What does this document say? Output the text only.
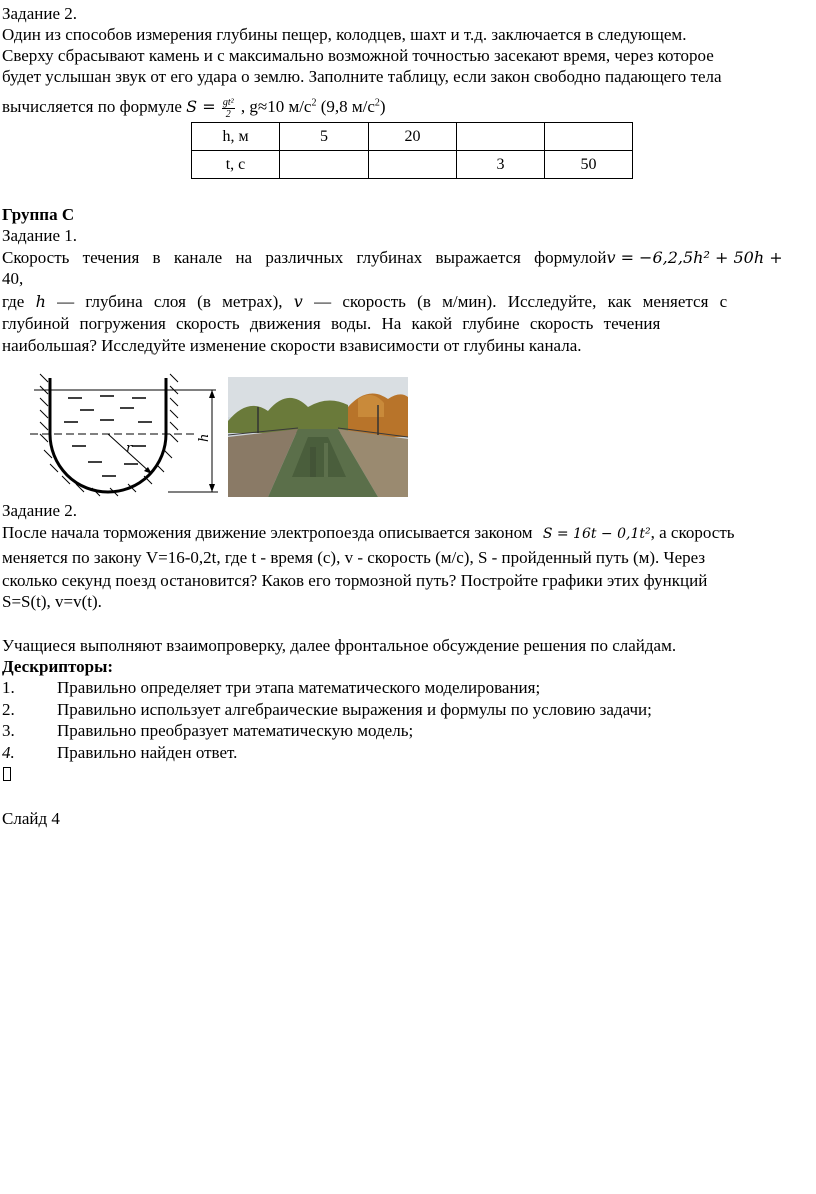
Задание 2.
Один из способов измерения глубины пещер, колодцев, шахт и т.д. заключается в следующем.
Сверху сбрасывают камень и с максимально возможной точностью засекают время, через которое
будет услышан звук от его удара о землю. Заполните таблицу, если закон свободно падающего тела
вычисляется по формуле $S = \frac{\text{gt²}}{2}$ , g≈10 $м/с^2$ (9,8 $м/с^2$)
h, м	5	20		
t, с			3	50
Группа С
Задание 1.
Скорость течения в канале на различных глубинах выражается формулойv = −6,2,5h² + 50h +
40,
где h — глубина слоя (в метрах), v — скорость (в м/мин). Исследуйте, как меняется с
глубиной погружения скорость движения воды. На какой глубине скорость течения
наибольшая? Исследуйте изменение скорости взависимости от глубины канала.
r
h
Задание 2.
После начала торможения движение электропоезда описывается законом S = 16t − 0,1t², а скорость
меняется по закону V=16-0,2t, где t - время (с), v - скорость (м/с), S - пройденный путь (м). Через
сколько секунд поезд остановится? Каков его тормозной путь? Постройте графики этих функций
S=S(t), v=v(t).
Учащиеся выполняют взаимопроверку, далее фронтальное обсуждение решения по слайдам.
Дескрипторы:
1. Правильно определяет три этапа математического моделирования;
2. Правильно использует алгебраические выражения и формулы по условию задачи;
3. Правильно преобразует математическую модель;
4. Правильно найден ответ.
Слайд 4
